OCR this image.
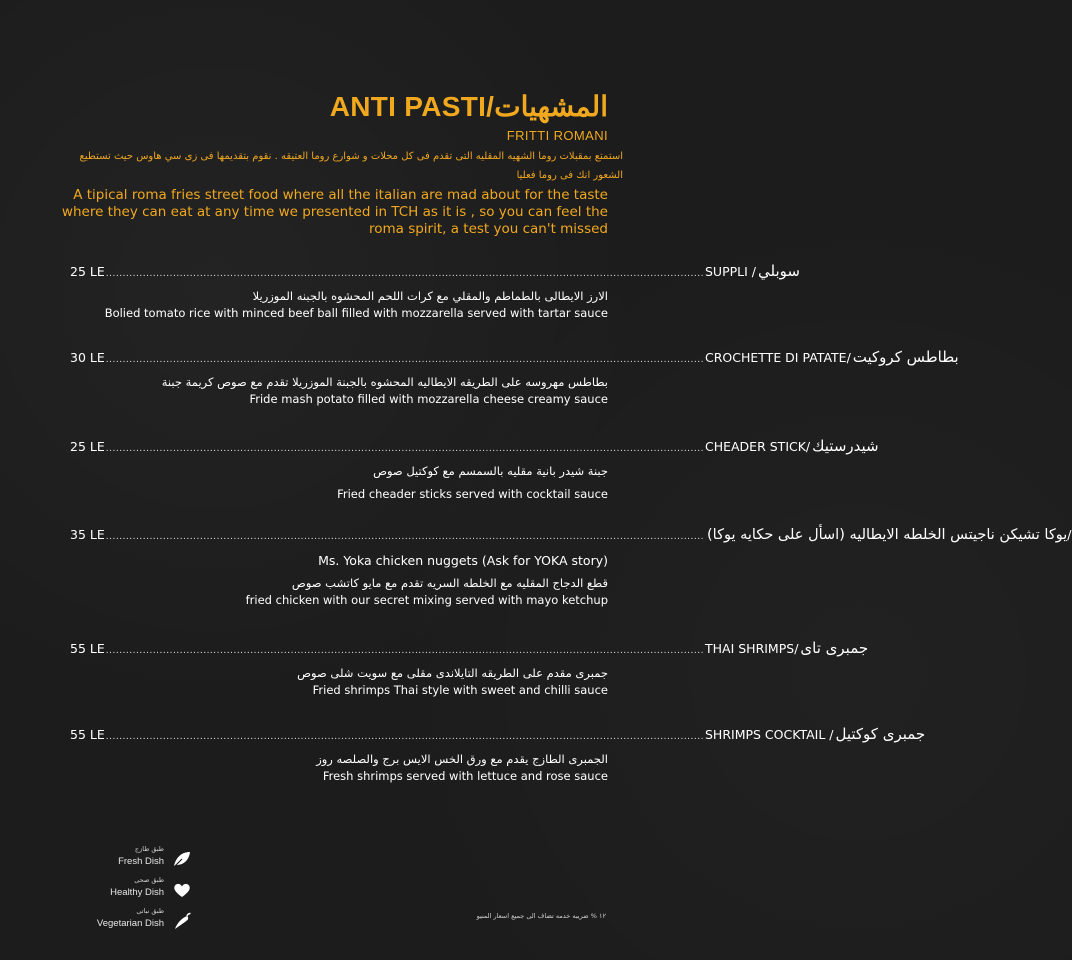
ANTI PASTI/المشهيات
FRITTI ROMANI
استمتع بمقبلات روما الشهيه المقليه التى تقدم فى كل محلات و شوارع روما العتيقه . نقوم بتقديمها فى زى سي هاوس حيث تستطيع الشعور انك فى روما فعليا
A tipical roma fries street food where all the italian are mad about for the taste
where they can eat at any time we presented in TCH as it is , so you can feel the
roma spirit, a test you can't missed
25 LE .................................................................................................................................................................................. SUPPLI / سوبلي
الارز الايطالى بالطماطم والمقلي مع كرات اللحم المحشوه بالجبنه الموزريلا
Bolied tomato rice with minced beef ball filled with mozzarella served with tartar sauce
30 LE .................................................................................................................................................................................. CROCHETTE DI PATATE/ بطاطس كروكيت
بطاطس مهروسه على الطريقه الايطاليه المحشوه بالجبنة الموزريلا تقدم مع صوص كريمة جبنة
Fride mash potato filled with mozzarella cheese creamy sauce
25 LE .................................................................................................................................................................................. CHEADER STICK/ شيدرستيك
جبنة شيدر بانية مقليه بالسمسم مع كوكتيل صوص
Fried cheader sticks served with cocktail sauce
35 LE .................................................................................................................................................................................. (يوكا تشيكن ناجيتس الخلطه الايطاليه (اسأل على حكايه يوكا /
Ms. Yoka chicken nuggets (Ask for YOKA story)
قطع الدجاج المقليه مع الخلطه السريه تقدم مع مايو كاتشب صوص
fried chicken with our secret mixing served with mayo ketchup
55 LE .................................................................................................................................................................................. THAI SHRIMPS/ جمبرى تاى
جمبرى مقدم على الطريقه التايلاندى مقلى مع سويت شلى صوص
Fried shrimps Thai style with sweet and chilli sauce
55 LE .................................................................................................................................................................................. SHRIMPS COCKTAIL / جمبرى كوكتيل
الجمبرى الطازج يقدم مع ورق الخس الايس برج والصلصه روز
Fresh shrimps served with lettuce and rose sauce
طبق طازج
Fresh Dish
طبق صحى
Healthy Dish
طبق نباتى
Vegetarian Dish
١٢ % ضريبه خدمه تضاف الى جميع اسعار المنيو
